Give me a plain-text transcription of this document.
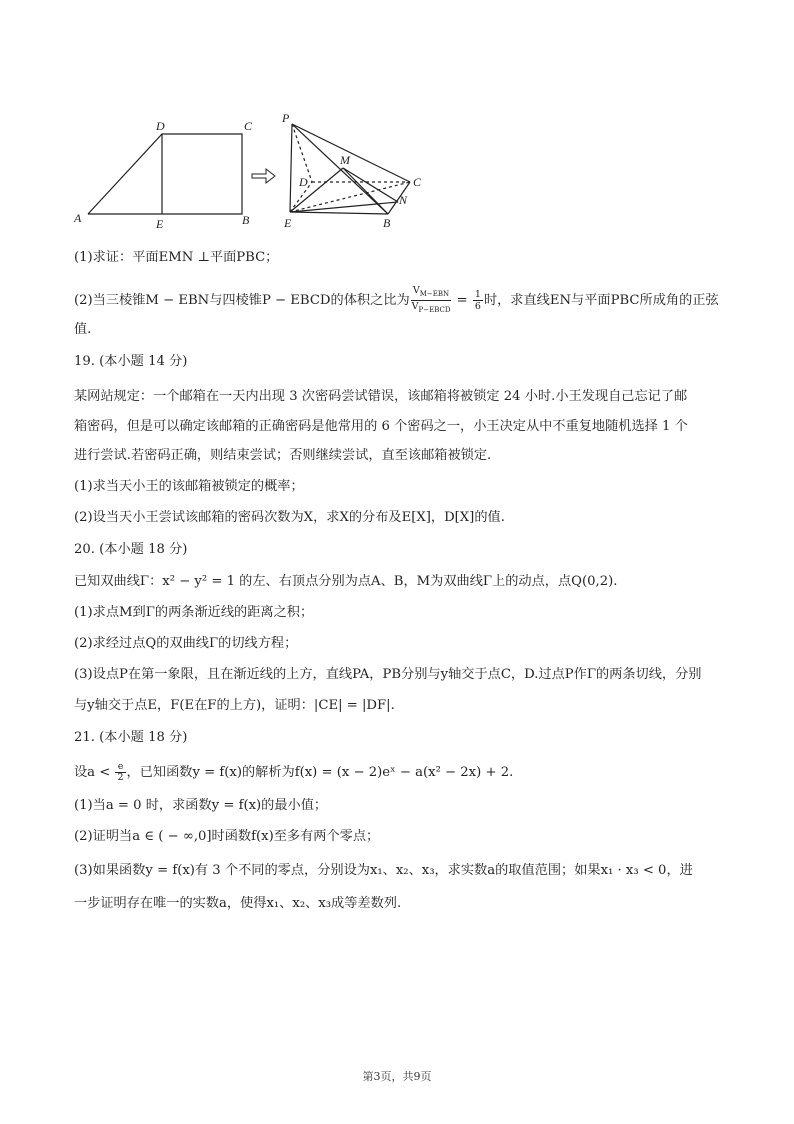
A
D	C
E	B
P
M
D	C
N
E	B
(1)求证：平面EMN ⊥平面PBC；
(2)当三棱锥M − EBN与四棱锥P − EBCD的体积之比为
$V_{M-EBN}$
$V_{P-EBCD}$
= $\frac{1}{6}$ 时，求直线EN与平面PBC所成角的正弦
值.
19. (本小题 14 分)
某网站规定：一个邮箱在一天内出现 3 次密码尝试错误，该邮箱将被锁定 24 小时.小王发现自己忘记了邮
箱密码，但是可以确定该邮箱的正确密码是他常用的 6 个密码之一，小王决定从中不重复地随机选择 1 个
进行尝试.若密码正确，则结束尝试；否则继续尝试，直至该邮箱被锁定.
(1)求当天小王的该邮箱被锁定的概率；
(2)设当天小王尝试该邮箱的密码次数为X，求X的分布及E[X]，D[X]的值.
20. (本小题 18 分)
已知双曲线Γ：x² − y² = 1 的左、右顶点分别为点A、B，M为双曲线Γ上的动点，点Q(0,2).
(1)求点M到Γ的两条渐近线的距离之积；
(2)求经过点Q的双曲线Γ的切线方程；
(3)设点P在第一象限，且在渐近线的上方，直线PA，PB分别与y轴交于点C，D.过点P作Γ的两条切线，分别
与y轴交于点E，F(E在F的上方)，证明：|CE| = |DF|.
21. (本小题 18 分)
设$a < \frac{e}{2}$ ，已知函数y = f(x)的解析为f(x) = (x − 2)eˣ − a(x² − 2x) + 2.
(1)当a = 0 时，求函数y = f(x)的最小值；
(2)证明当a ∈ ( − ∞,0]时函数f(x)至多有两个零点；
(3)如果函数y = f(x)有 3 个不同的零点，分别设为x₁、x₂、x₃，求实数a的取值范围；如果x₁ · x₃ < 0，进
一步证明存在唯一的实数a，使得x₁、x₂、x₃成等差数列.
第3页，共9页
